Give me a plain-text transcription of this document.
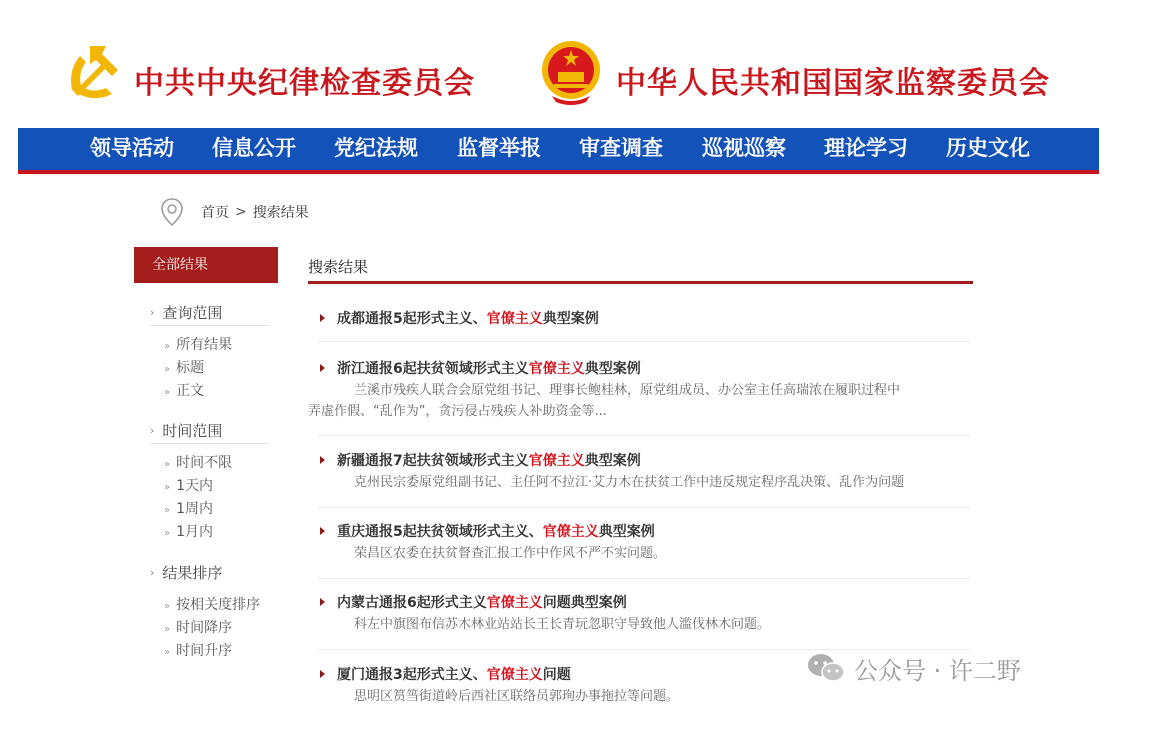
中共中央纪律检查委员会	中华人民共和国国家监察委员会
领导活动 信息公开 党纪法规 监督举报 审查调查 巡视巡察 理论学习 历史文化
首页 > 搜索结果
全部结果
› 查询范围
» 所有结果
» 标题
» 正文
› 时间范围
» 时间不限
» 1天内
» 1周内
» 1月内
› 结果排序
» 按相关度排序
» 时间降序
» 时间升序
搜索结果
成都通报5起形式主义、 官僚主义 典型案例
浙江通报6起扶贫领域形式主义 官僚主义 典型案例
兰溪市残疾人联合会原党组书记、理事长鲍桂林，原党组成员、办公室主任高瑞浓在履职过程中
弄虚作假、“乱作为”，贪污侵占残疾人补助资金等...
新疆通报7起扶贫领域形式主义 官僚主义 典型案例
克州民宗委原党组副书记、主任阿不拉江·艾力木在扶贫工作中违反规定程序乱决策、乱作为问题
重庆通报5起扶贫领域形式主义、 官僚主义 典型案例
荣昌区农委在扶贫督查汇报工作中作风不严不实问题。
内蒙古通报6起形式主义 官僚主义 问题典型案例
科左中旗图布信苏木林业站站长王长青玩忽职守导致他人滥伐林木问题。
厦门通报3起形式主义、 官僚主义 问题
思明区筼筜街道岭后西社区联络员郭珣办事拖拉等问题。
公众号 · 许二野
